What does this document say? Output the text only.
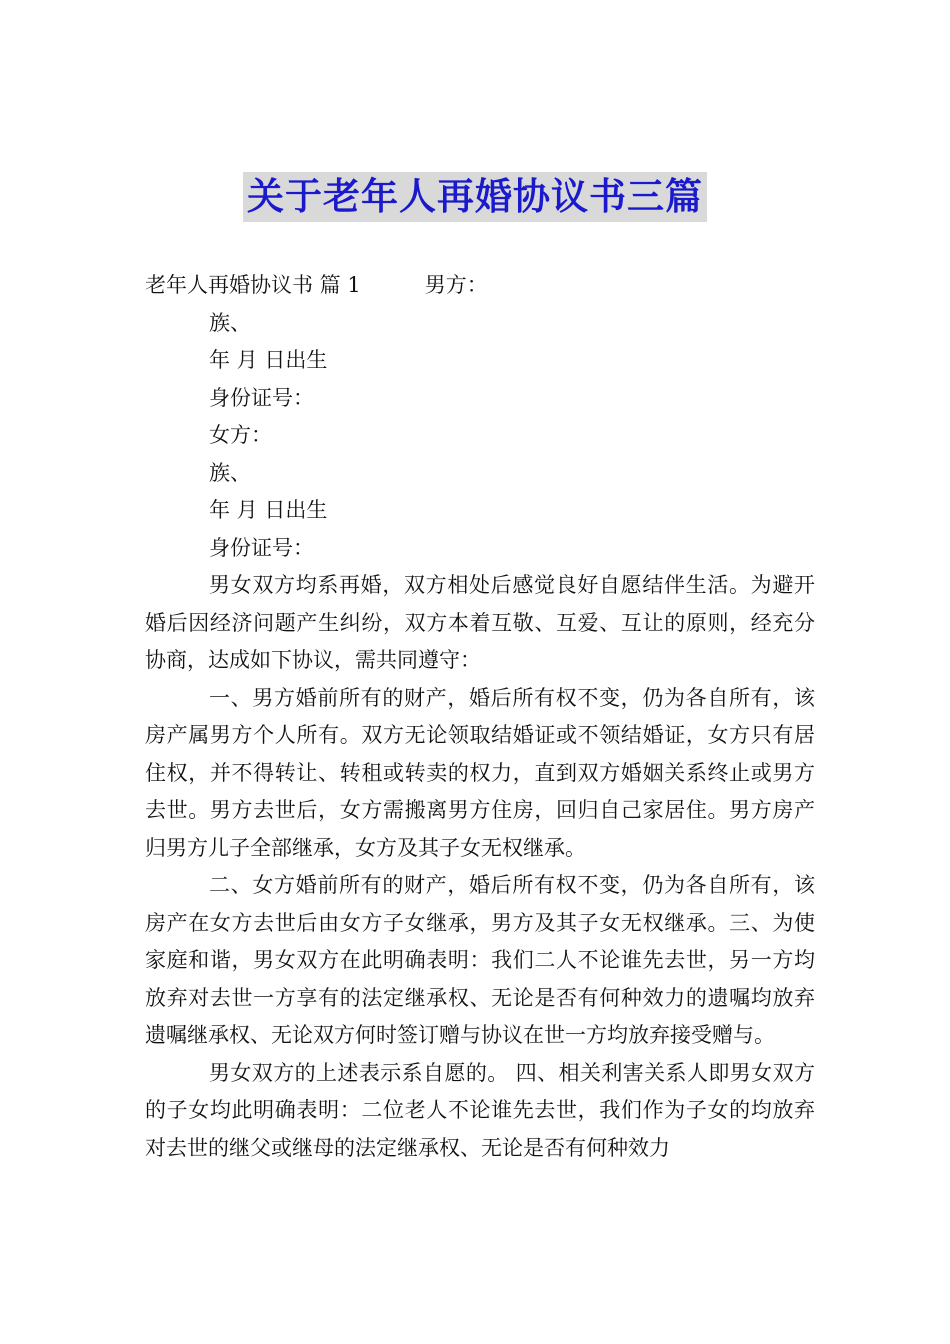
关于老年人再婚协议书三篇
老年人再婚协议书 篇 1	男方：
族、
年 月 日出生
身份证号：
女方：
族、
年 月 日出生
身份证号：
男女双方均系再婚，双方相处后感觉良好自愿结伴生活。为避开婚后因经济问题产生纠纷，双方本着互敬、互爱、互让的原则，经充分协商，达成如下协议，需共同遵守：
一、男方婚前所有的财产，婚后所有权不变，仍为各自所有，该房产属男方个人所有。双方无论领取结婚证或不领结婚证，女方只有居住权，并不得转让、转租或转卖的权力，直到双方婚姻关系终止或男方去世。男方去世后，女方需搬离男方住房，回归自己家居住。男方房产归男方儿子全部继承，女方及其子女无权继承。
二、女方婚前所有的财产，婚后所有权不变，仍为各自所有，该房产在女方去世后由女方子女继承，男方及其子女无权继承。三、为使家庭和谐，男女双方在此明确表明：我们二人不论谁先去世，另一方均放弃对去世一方享有的法定继承权、无论是否有何种效力的遗嘱均放弃遗嘱继承权、无论双方何时签订赠与协议在世一方均放弃接受赠与。
男女双方的上述表示系自愿的。 四、相关利害关系人即男女双方的子女均此明确表明：二位老人不论谁先去世，我们作为子女的均放弃对去世的继父或继母的法定继承权、无论是否有何种效力
